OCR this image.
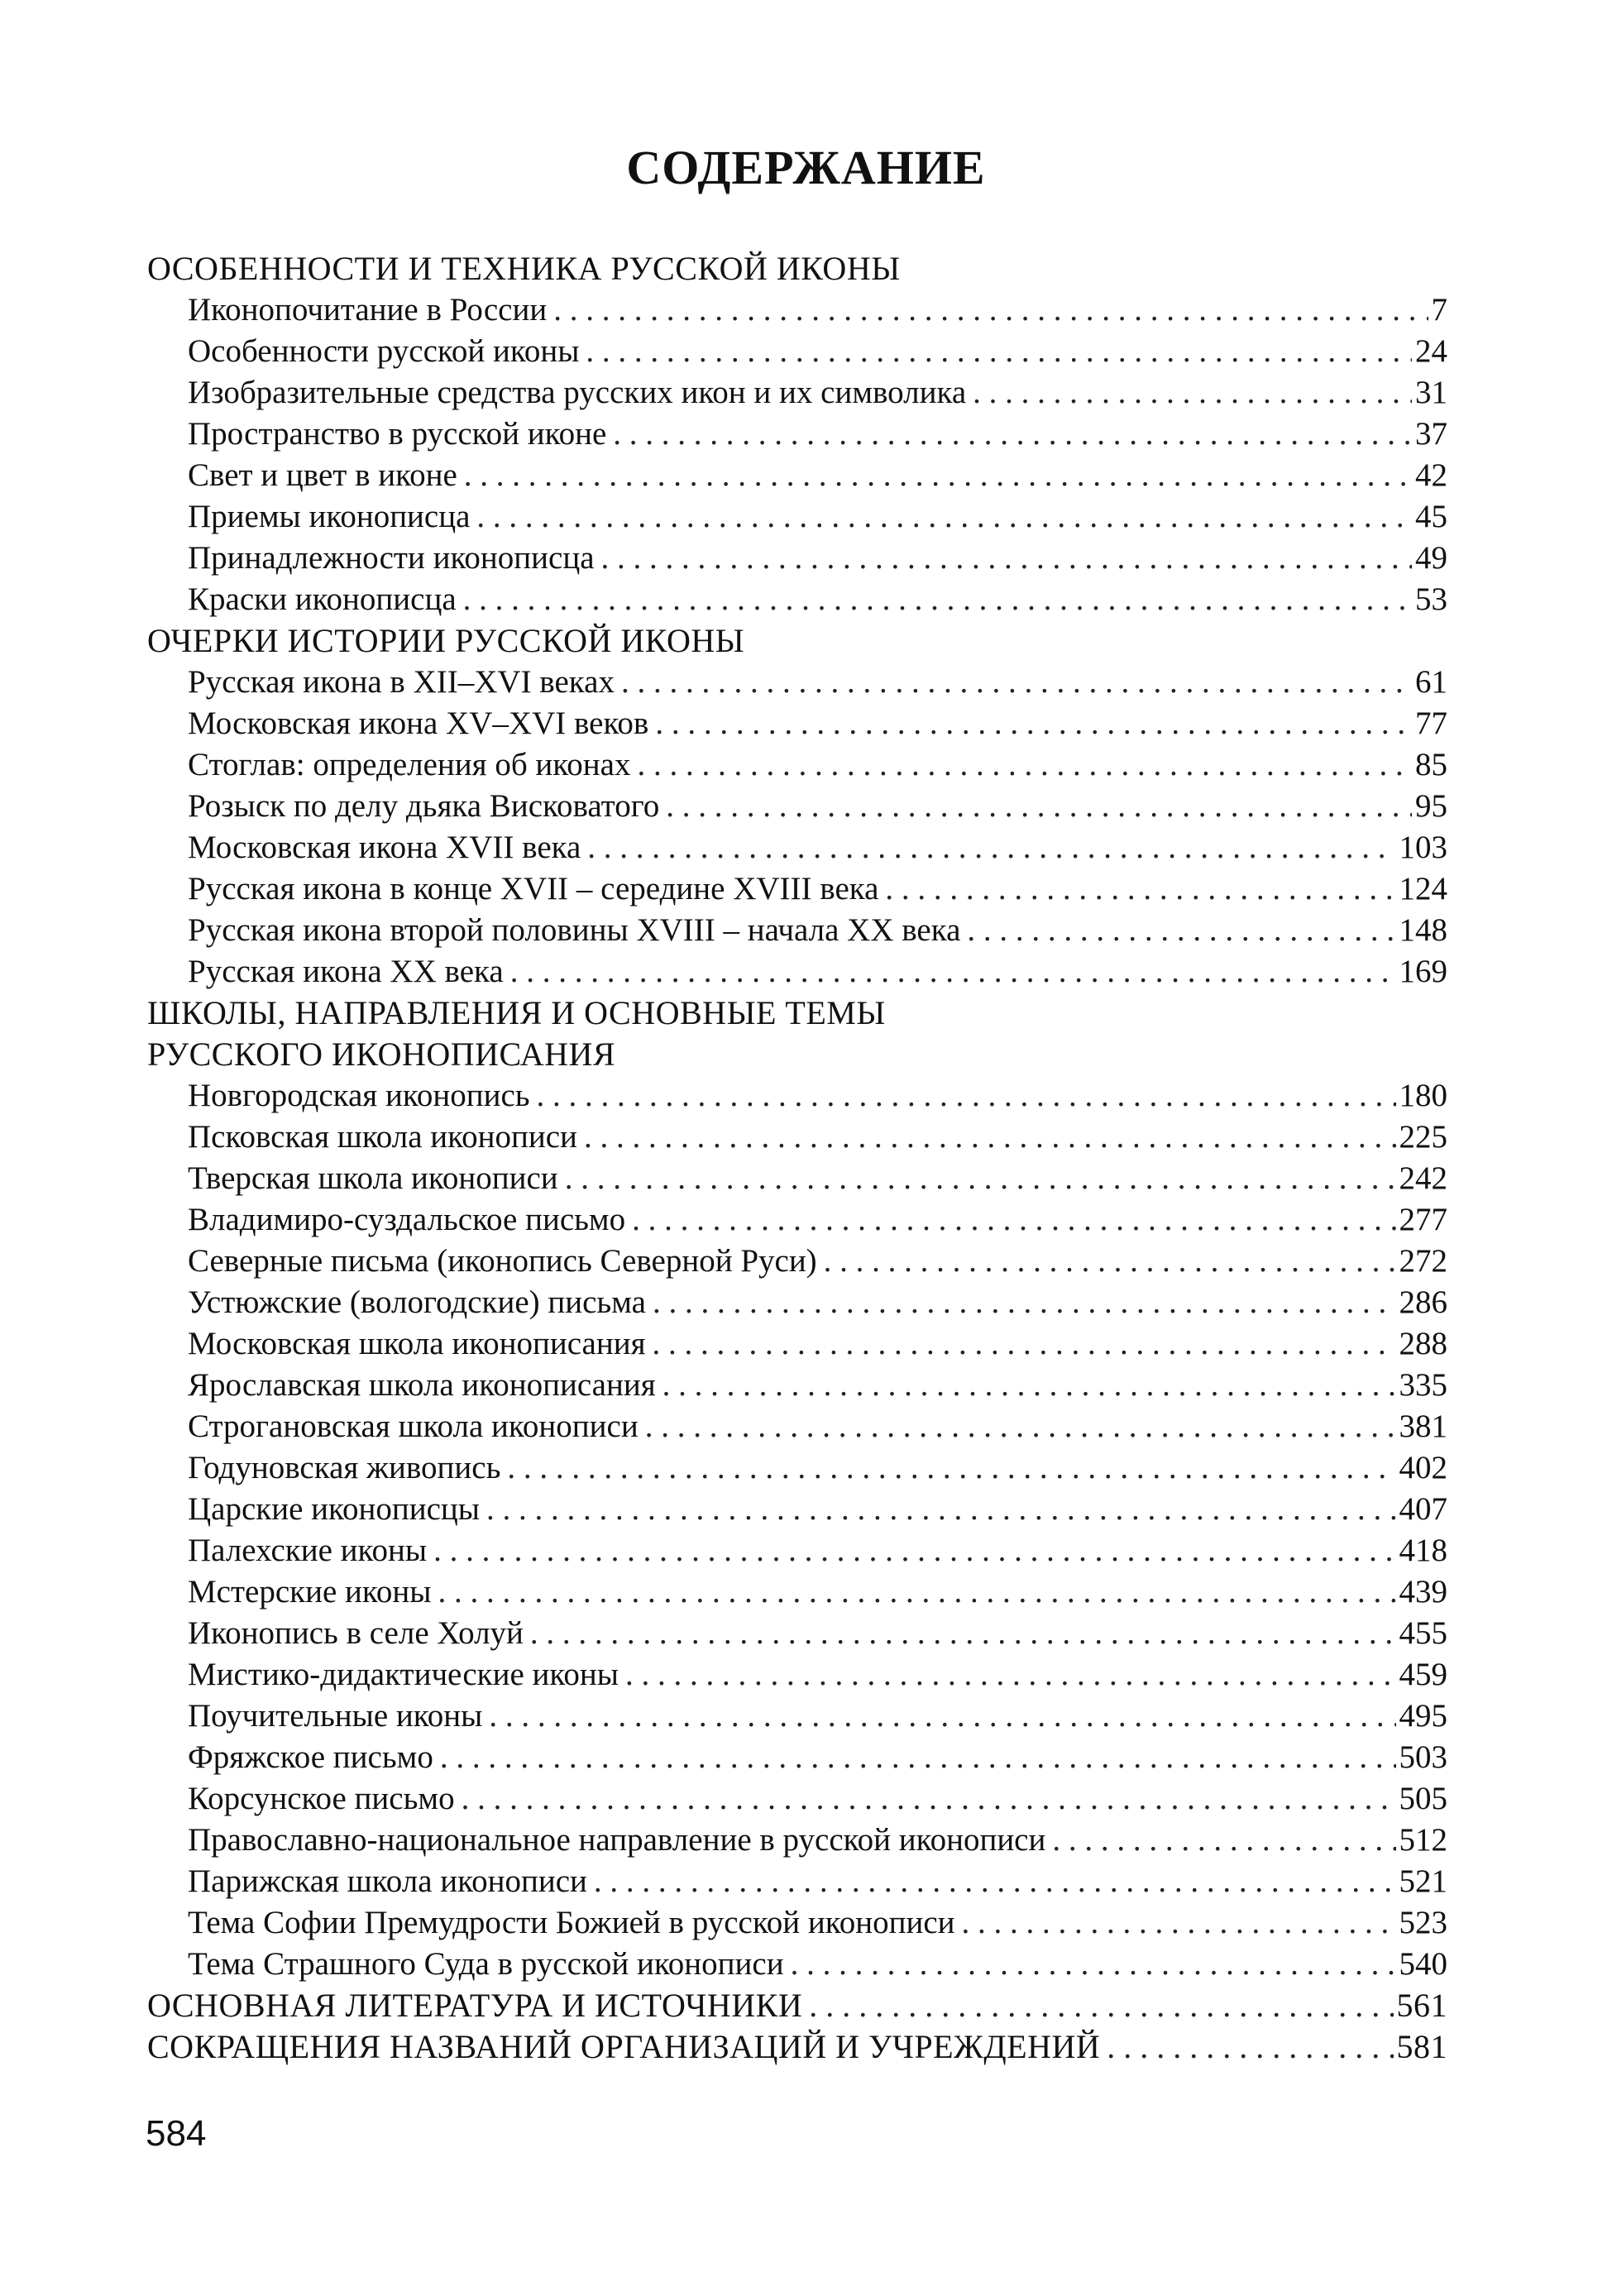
СОДЕРЖАНИЕ
ОСОБЕННОСТИ И ТЕХНИКА РУССКОЙ ИКОНЫ
Иконопочитание в России . . .	7
Особенности русской иконы . . .	24
Изобразительные средства русских икон и их символика . . .	31
Пространство в русской иконе . . .	37
Свет и цвет в иконе . . .	42
Приемы иконописца . . .	45
Принадлежности иконописца . . .	49
Краски иконописца . . .	53
ОЧЕРКИ ИСТОРИИ РУССКОЙ ИКОНЫ
Русская икона в XII–XVI веках . . .	61
Московская икона XV–XVI веков . . .	77
Стоглав: определения об иконах . . .	85
Розыск по делу дьяка Висковатого . . .	95
Московская икона XVII века . . .	103
Русская икона в конце XVII – середине XVIII века . . .	124
Русская икона второй половины XVIII – начала XX века . . .	148
Русская икона XX века . . .	169
ШКОЛЫ, НАПРАВЛЕНИЯ И ОСНОВНЫЕ ТЕМЫ
РУССКОГО ИКОНОПИСАНИЯ
Новгородская иконопись . . .	180
Псковская школа иконописи . . .	225
Тверская школа иконописи . . .	242
Владимиро-суздальское письмо . . .	277
Северные письма (иконопись Северной Руси) . . .	272
Устюжские (вологодские) письма . . .	286
Московская школа иконописания . . .	288
Ярославская школа иконописания . . .	335
Строгановская школа иконописи . . .	381
Годуновская живопись . . .	402
Царские иконописцы . . .	407
Палехские иконы . . .	418
Мстерские иконы . . .	439
Иконопись в селе Холуй . . .	455
Мистико-дидактические иконы . . .	459
Поучительные иконы . . .	495
Фряжское письмо . . .	503
Корсунское письмо . . .	505
Православно-национальное направление в русской иконописи . . .	512
Парижская школа иконописи . . .	521
Тема Софии Премудрости Божией в русской иконописи . . .	523
Тема Страшного Суда в русской иконописи . . .	540
ОСНОВНАЯ ЛИТЕРАТУРА И ИСТОЧНИКИ . . .	561
СОКРАЩЕНИЯ НАЗВАНИЙ ОРГАНИЗАЦИЙ И УЧРЕЖДЕНИЙ . . .	581
584
